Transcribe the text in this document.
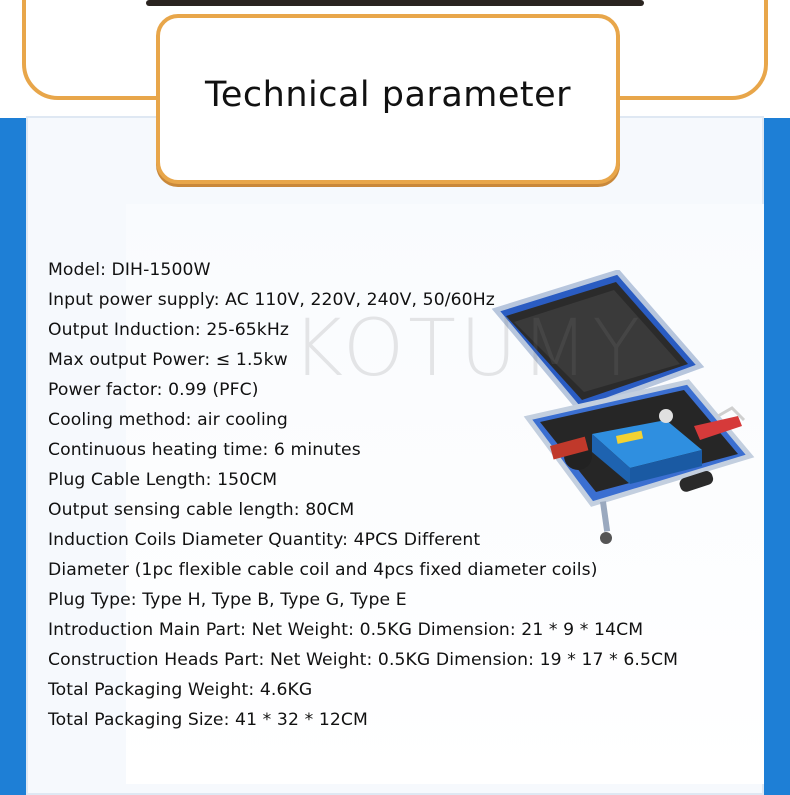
Technical parameter
KOTUMY
Model: DIH-1500W
Input power supply: AC 110V, 220V, 240V, 50/60Hz
Output Induction: 25-65kHz
Max output Power: ≤ 1.5kw
Power factor: 0.99 (PFC)
Cooling method: air cooling
Continuous heating time: 6 minutes
Plug Cable Length: 150CM
Output sensing cable length: 80CM
Induction Coils Diameter Quantity: 4PCS Different
Diameter (1pc flexible cable coil and 4pcs fixed diameter coils)
Plug Type: Type H, Type B, Type G, Type E
Introduction Main Part: Net Weight: 0.5KG Dimension: 21 * 9 * 14CM
Construction Heads Part: Net Weight: 0.5KG Dimension: 19 * 17 * 6.5CM
Total Packaging Weight: 4.6KG
Total Packaging Size: 41 * 32 * 12CM
